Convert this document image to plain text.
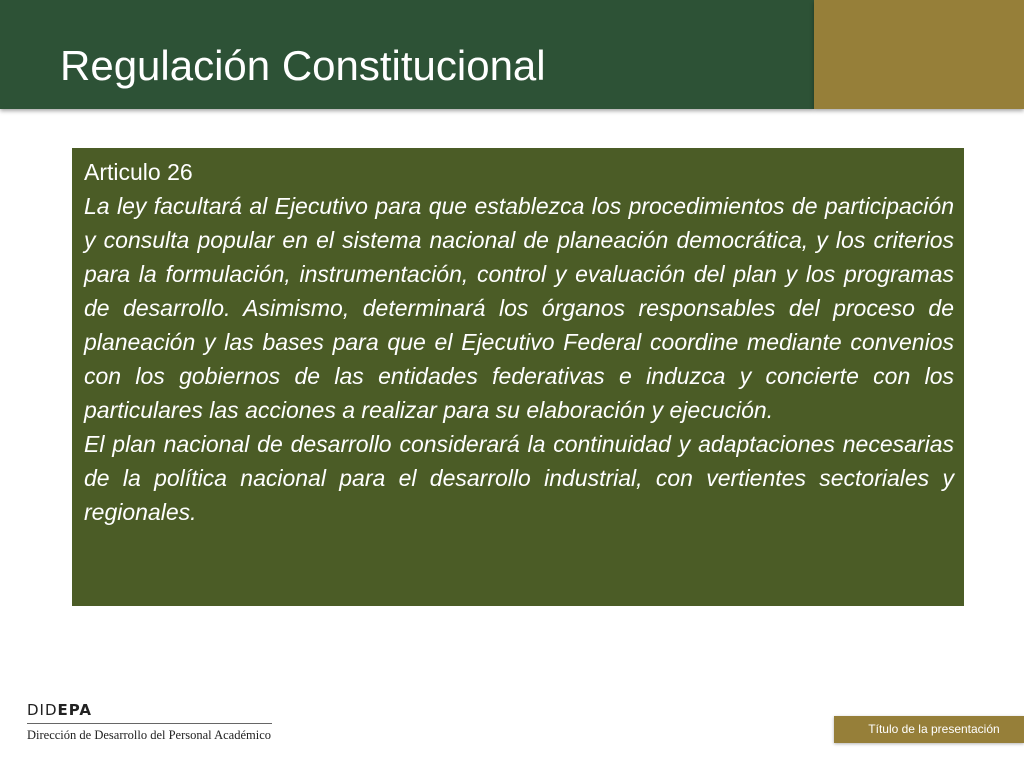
Regulación Constitucional

Articulo 26

La ley facultará al Ejecutivo para que establezca los procedimientos de participación y consulta popular en el sistema nacional de planeación democrática, y los criterios para la formulación, instrumentación, control y evaluación del plan y los programas de desarrollo. Asimismo, determinará los órganos responsables del proceso de planeación y las bases para que el Ejecutivo Federal coordine mediante convenios con los gobiernos de las entidades federativas e induzca y concierte con los particulares las acciones a realizar para su elaboración y ejecución.

El plan nacional de desarrollo considerará la continuidad y adaptaciones necesarias de la política nacional para el desarrollo industrial, con vertientes sectoriales y regionales.

DIDEPA
Dirección de Desarrollo del Personal Académico	Título de la presentación
